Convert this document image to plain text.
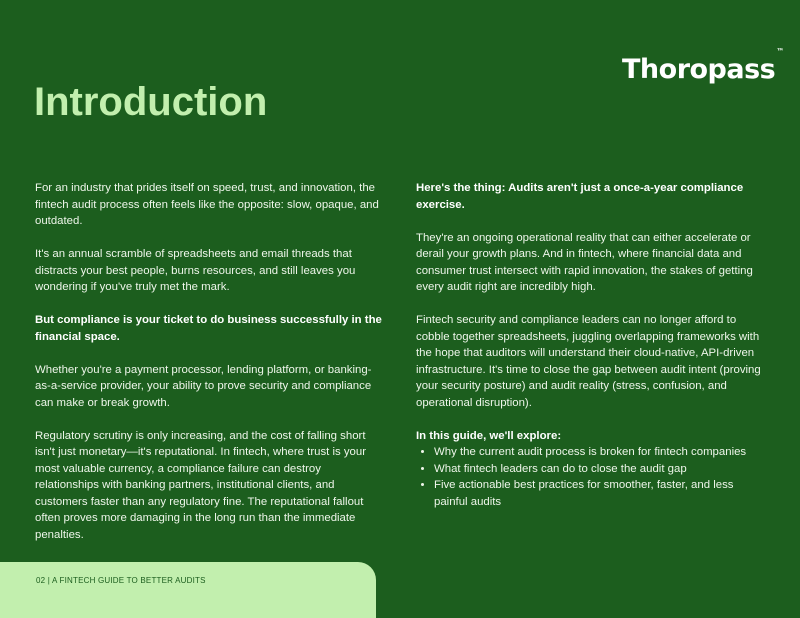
Thoropass™
Introduction

For an industry that prides itself on speed, trust, and innovation, the fintech audit process often feels like the opposite: slow, opaque, and outdated.

It's an annual scramble of spreadsheets and email threads that distracts your best people, burns resources, and still leaves you wondering if you've truly met the mark.

But compliance is your ticket to do business successfully in the financial space.

Whether you're a payment processor, lending platform, or banking-as-a-service provider, your ability to prove security and compliance can make or break growth.

Regulatory scrutiny is only increasing, and the cost of falling short isn't just monetary—it's reputational. In fintech, where trust is your most valuable currency, a compliance failure can destroy relationships with banking partners, institutional clients, and customers faster than any regulatory fine. The reputational fallout often proves more damaging in the long run than the immediate penalties.

Here's the thing: Audits aren't just a once-a-year compliance exercise.

They're an ongoing operational reality that can either accelerate or derail your growth plans. And in fintech, where financial data and consumer trust intersect with rapid innovation, the stakes of getting every audit right are incredibly high.

Fintech security and compliance leaders can no longer afford to cobble together spreadsheets, juggling overlapping frameworks with the hope that auditors will understand their cloud-native, API-driven infrastructure. It's time to close the gap between audit intent (proving your security posture) and audit reality (stress, confusion, and operational disruption).

In this guide, we'll explore:
• Why the current audit process is broken for fintech companies
• What fintech leaders can do to close the audit gap
• Five actionable best practices for smoother, faster, and less painful audits
02 | A FINTECH GUIDE TO BETTER AUDITS
